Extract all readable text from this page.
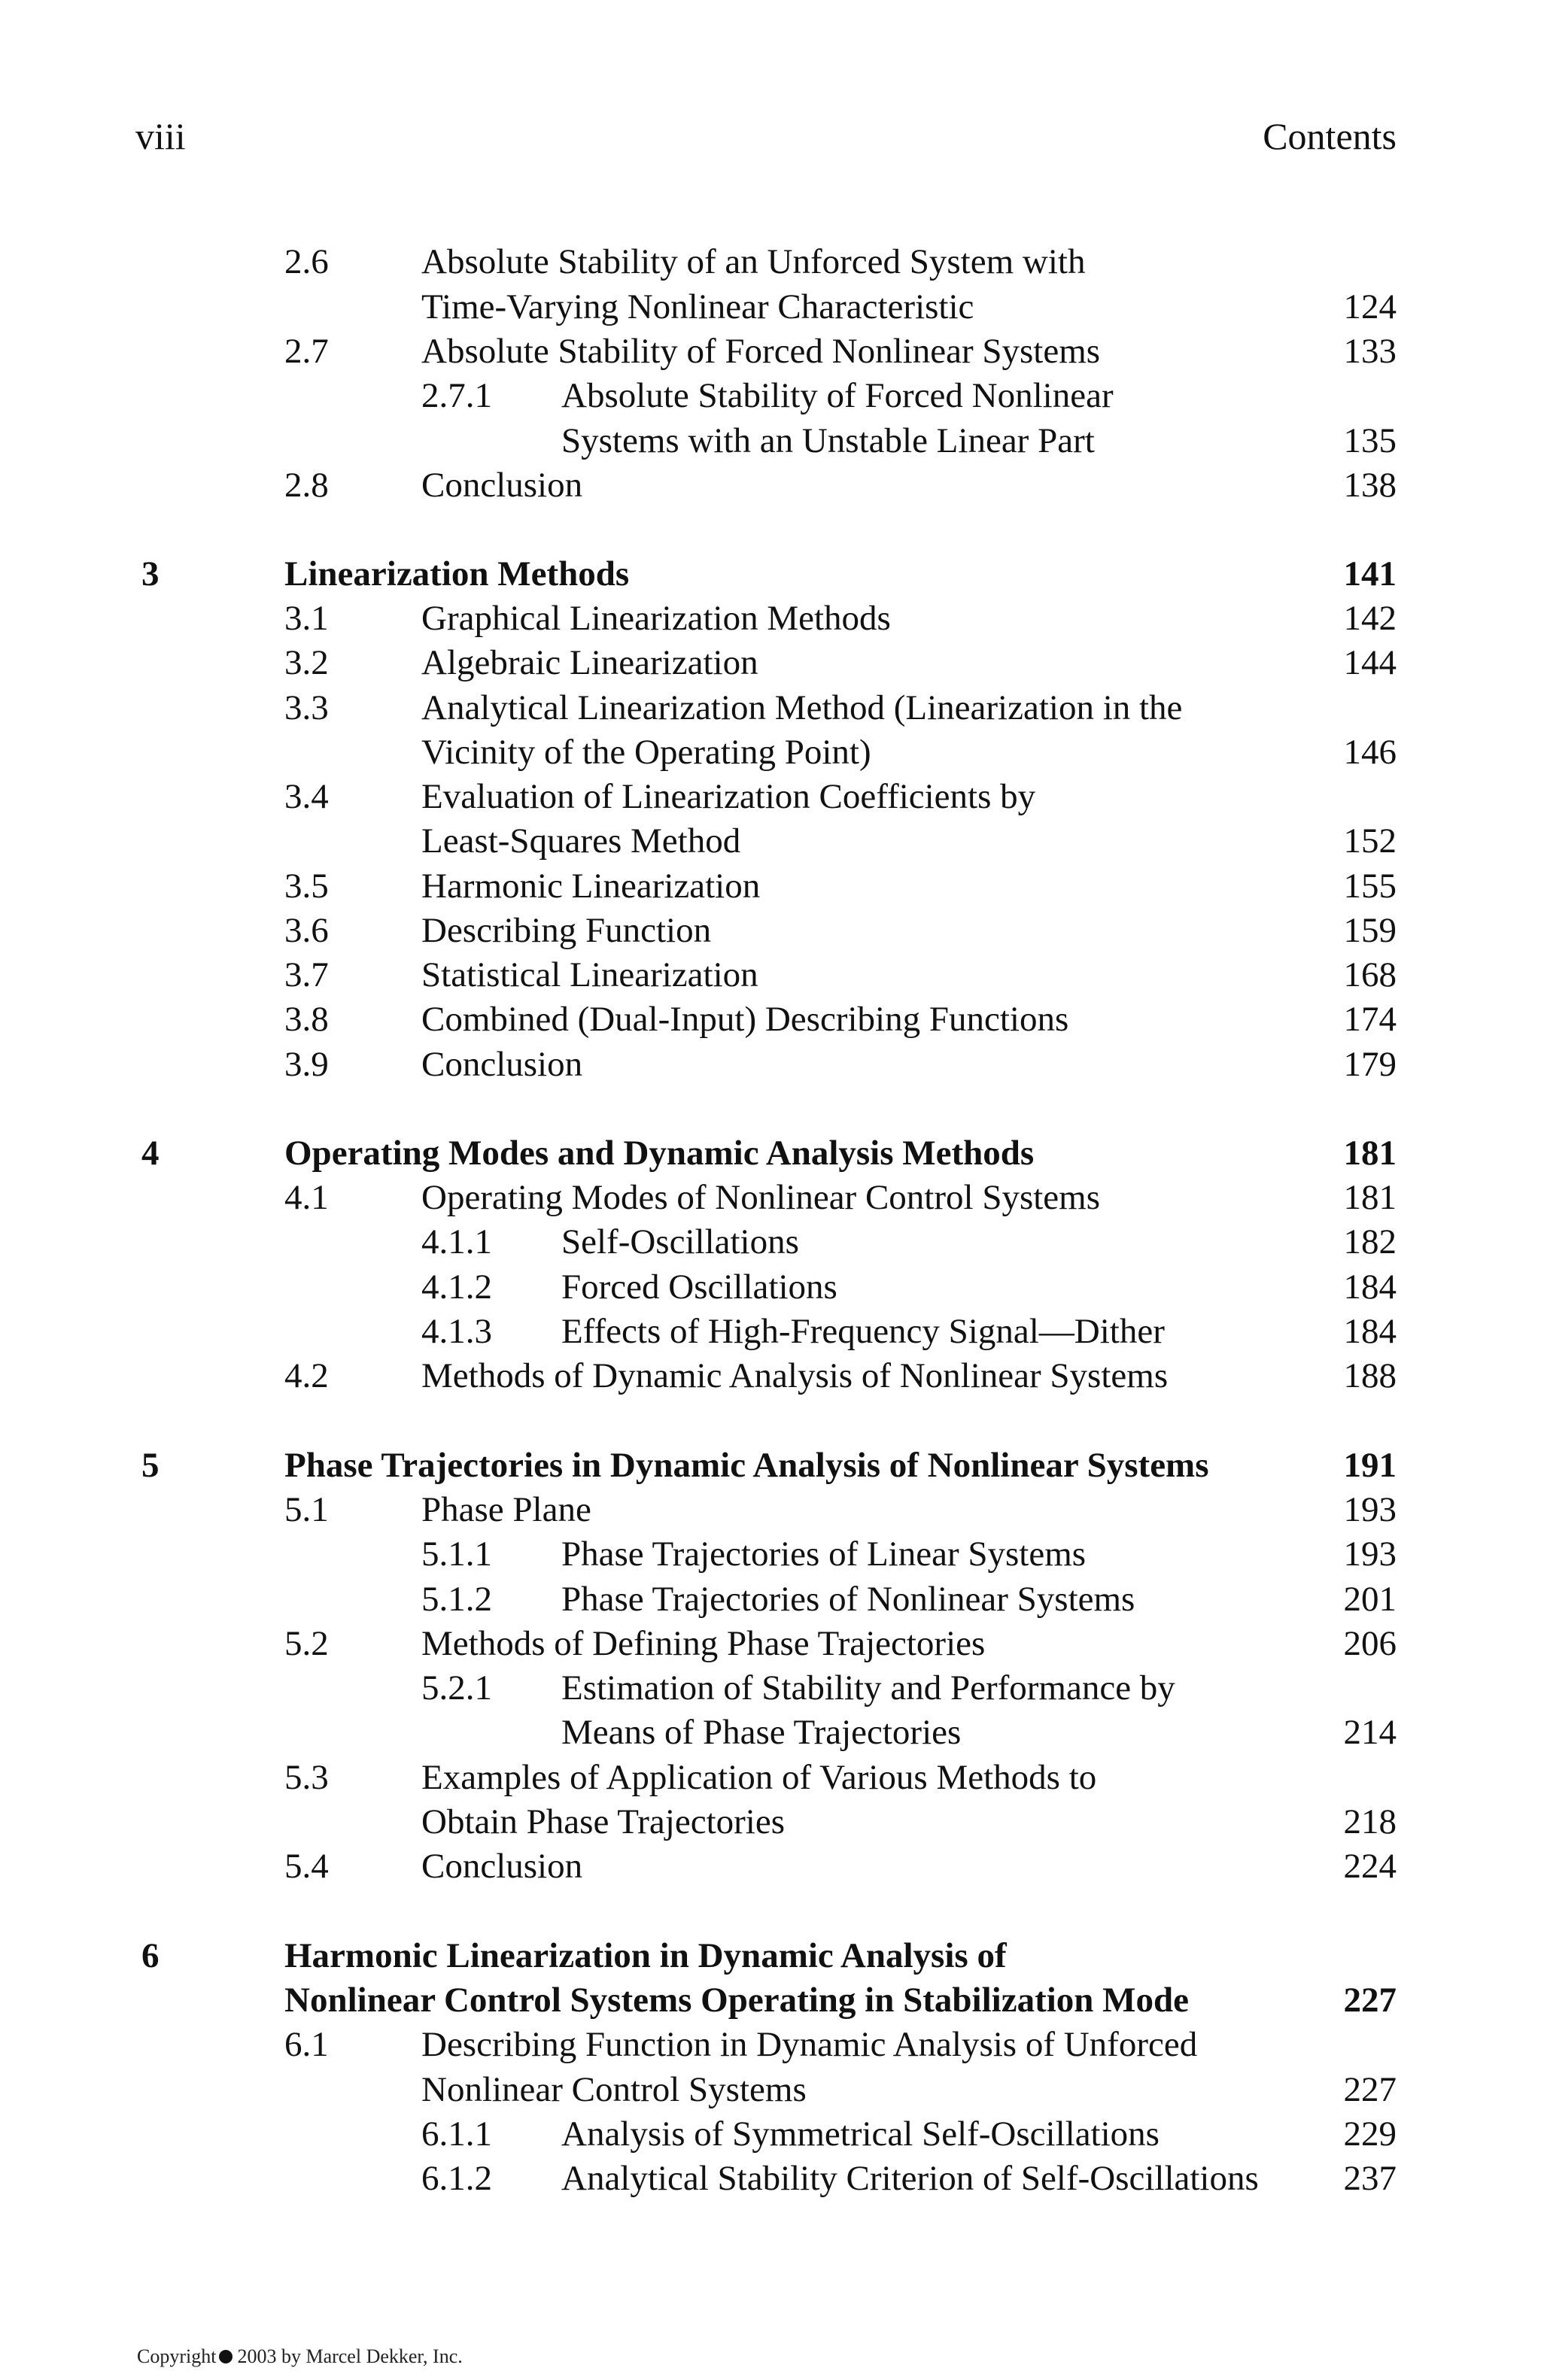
viii	Contents
2.6	Absolute Stability of an Unforced System with
Time-Varying Nonlinear Characteristic	124
2.7	Absolute Stability of Forced Nonlinear Systems	133
2.7.1 Absolute Stability of Forced Nonlinear
Systems with an Unstable Linear Part	135
2.8	Conclusion	138
3	Linearization Methods	141
3.1	Graphical Linearization Methods	142
3.2	Algebraic Linearization	144
3.3	Analytical Linearization Method (Linearization in the
Vicinity of the Operating Point)	146
3.4	Evaluation of Linearization Coefficients by
Least-Squares Method	152
3.5	Harmonic Linearization	155
3.6	Describing Function	159
3.7	Statistical Linearization	168
3.8	Combined (Dual-Input) Describing Functions	174
3.9	Conclusion	179
4	Operating Modes and Dynamic Analysis Methods	181
4.1	Operating Modes of Nonlinear Control Systems	181
4.1.1 Self-Oscillations	182
4.1.2 Forced Oscillations	184
4.1.3 Effects of High-Frequency Signal—Dither	184
4.2	Methods of Dynamic Analysis of Nonlinear Systems	188
5	Phase Trajectories in Dynamic Analysis of Nonlinear Systems	191
5.1	Phase Plane	193
5.1.1 Phase Trajectories of Linear Systems	193
5.1.2 Phase Trajectories of Nonlinear Systems	201
5.2	Methods of Defining Phase Trajectories	206
5.2.1 Estimation of Stability and Performance by
Means of Phase Trajectories	214
5.3	Examples of Application of Various Methods to
Obtain Phase Trajectories	218
5.4	Conclusion	224
6	Harmonic Linearization in Dynamic Analysis of
Nonlinear Control Systems Operating in Stabilization Mode	227
6.1	Describing Function in Dynamic Analysis of Unforced
Nonlinear Control Systems	227
6.1.1 Analysis of Symmetrical Self-Oscillations	229
6.1.2 Analytical Stability Criterion of Self-Oscillations 237
Copyright 2003 by Marcel Dekker, Inc.
